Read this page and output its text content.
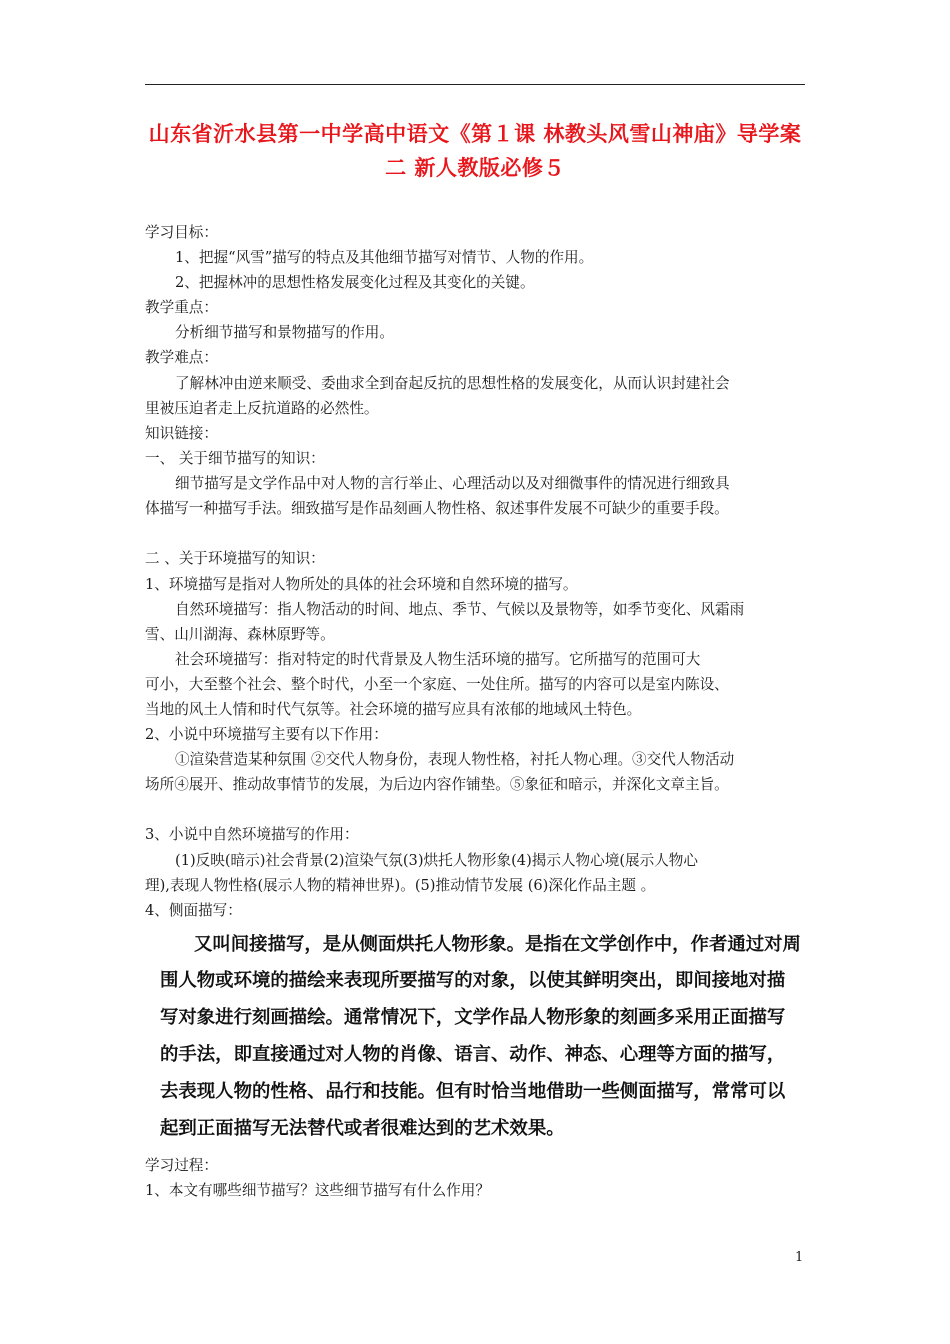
山东省沂水县第一中学高中语文《第１课 林教头风雪山神庙》导学案
二 新人教版必修５
学习目标：
1、把握“风雪”描写的特点及其他细节描写对情节、人物的作用。
2、把握林冲的思想性格发展变化过程及其变化的关键。
教学重点：
分析细节描写和景物描写的作用。
教学难点：
了解林冲由逆来顺受、委曲求全到奋起反抗的思想性格的发展变化，从而认识封建社会
里被压迫者走上反抗道路的必然性。
知识链接：
一、 关于细节描写的知识：
细节描写是文学作品中对人物的言行举止、心理活动以及对细微事件的情况进行细致具
体描写一种描写手法。细致描写是作品刻画人物性格、叙述事件发展不可缺少的重要手段。
二 、关于环境描写的知识：
1、环境描写是指对人物所处的具体的社会环境和自然环境的描写。
自然环境描写：指人物活动的时间、地点、季节、气候以及景物等，如季节变化、风霜雨
雪、山川湖海、森林原野等。
社会环境描写：指对特定的时代背景及人物生活环境的描写。它所描写的范围可大
可小，大至整个社会、整个时代，小至一个家庭、一处住所。描写的内容可以是室内陈设、
当地的风土人情和时代气氛等。社会环境的描写应具有浓郁的地域风土特色。
2、小说中环境描写主要有以下作用：
①渲染营造某种氛围 ②交代人物身份，表现人物性格，衬托人物心理。③交代人物活动
场所④展开、推动故事情节的发展，为后边内容作铺垫。⑤象征和暗示，并深化文章主旨。
3、小说中自然环境描写的作用：
(1)反映(暗示)社会背景(2)渲染气氛(3)烘托人物形象(4)揭示人物心境(展示人物心
理),表现人物性格(展示人物的精神世界)。(5)推动情节发展 (6)深化作品主题 。
4、侧面描写：
又叫间接描写，是从侧面烘托人物形象。是指在文学创作中，作者通过对周
围人物或环境的描绘来表现所要描写的对象，以使其鲜明突出，即间接地对描
写对象进行刻画描绘。通常情况下，文学作品人物形象的刻画多采用正面描写
的手法，即直接通过对人物的肖像、语言、动作、神态、心理等方面的描写，
去表现人物的性格、品行和技能。但有时恰当地借助一些侧面描写，常常可以
起到正面描写无法替代或者很难达到的艺术效果。
学习过程：
1、本文有哪些细节描写？这些细节描写有什么作用？
1
